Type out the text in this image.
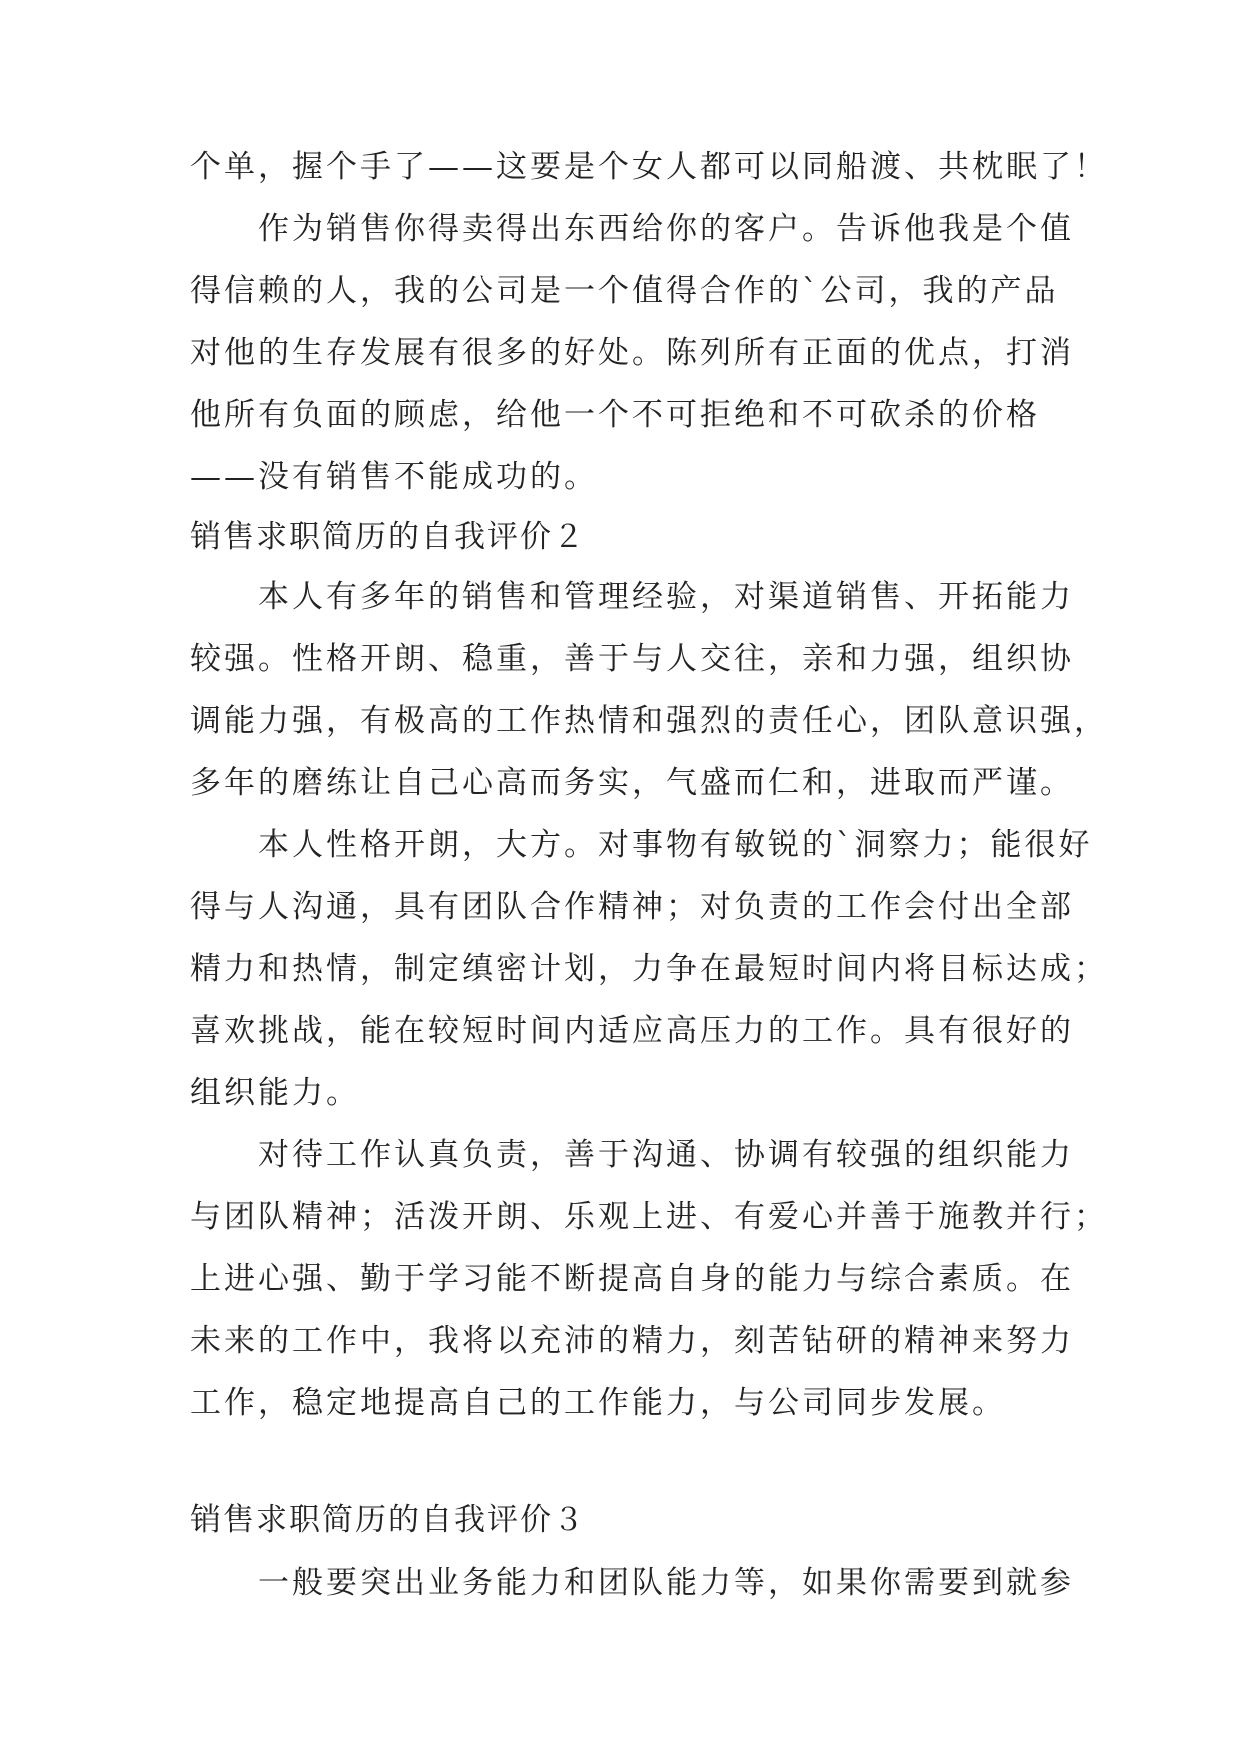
个单，握个手了——这要是个女人都可以同船渡、共枕眠了！
作为销售你得卖得出东西给你的客户。告诉他我是个值
得信赖的人，我的公司是一个值得合作的`公司，我的产品
对他的生存发展有很多的好处。陈列所有正面的优点，打消
他所有负面的顾虑，给他一个不可拒绝和不可砍杀的价格
——没有销售不能成功的。
销售求职简历的自我评价２
本人有多年的销售和管理经验，对渠道销售、开拓能力
较强。性格开朗、稳重，善于与人交往，亲和力强，组织协
调能力强，有极高的工作热情和强烈的责任心，团队意识强，
多年的磨练让自己心高而务实，气盛而仁和，进取而严谨。
本人性格开朗，大方。对事物有敏锐的`洞察力；能很好
得与人沟通，具有团队合作精神；对负责的工作会付出全部
精力和热情，制定缜密计划，力争在最短时间内将目标达成；
喜欢挑战，能在较短时间内适应高压力的工作。具有很好的
组织能力。
对待工作认真负责，善于沟通、协调有较强的组织能力
与团队精神；活泼开朗、乐观上进、有爱心并善于施教并行；
上进心强、勤于学习能不断提高自身的能力与综合素质。在
未来的工作中，我将以充沛的精力，刻苦钻研的精神来努力
工作，稳定地提高自己的工作能力，与公司同步发展。
销售求职简历的自我评价３
一般要突出业务能力和团队能力等，如果你需要到就参
